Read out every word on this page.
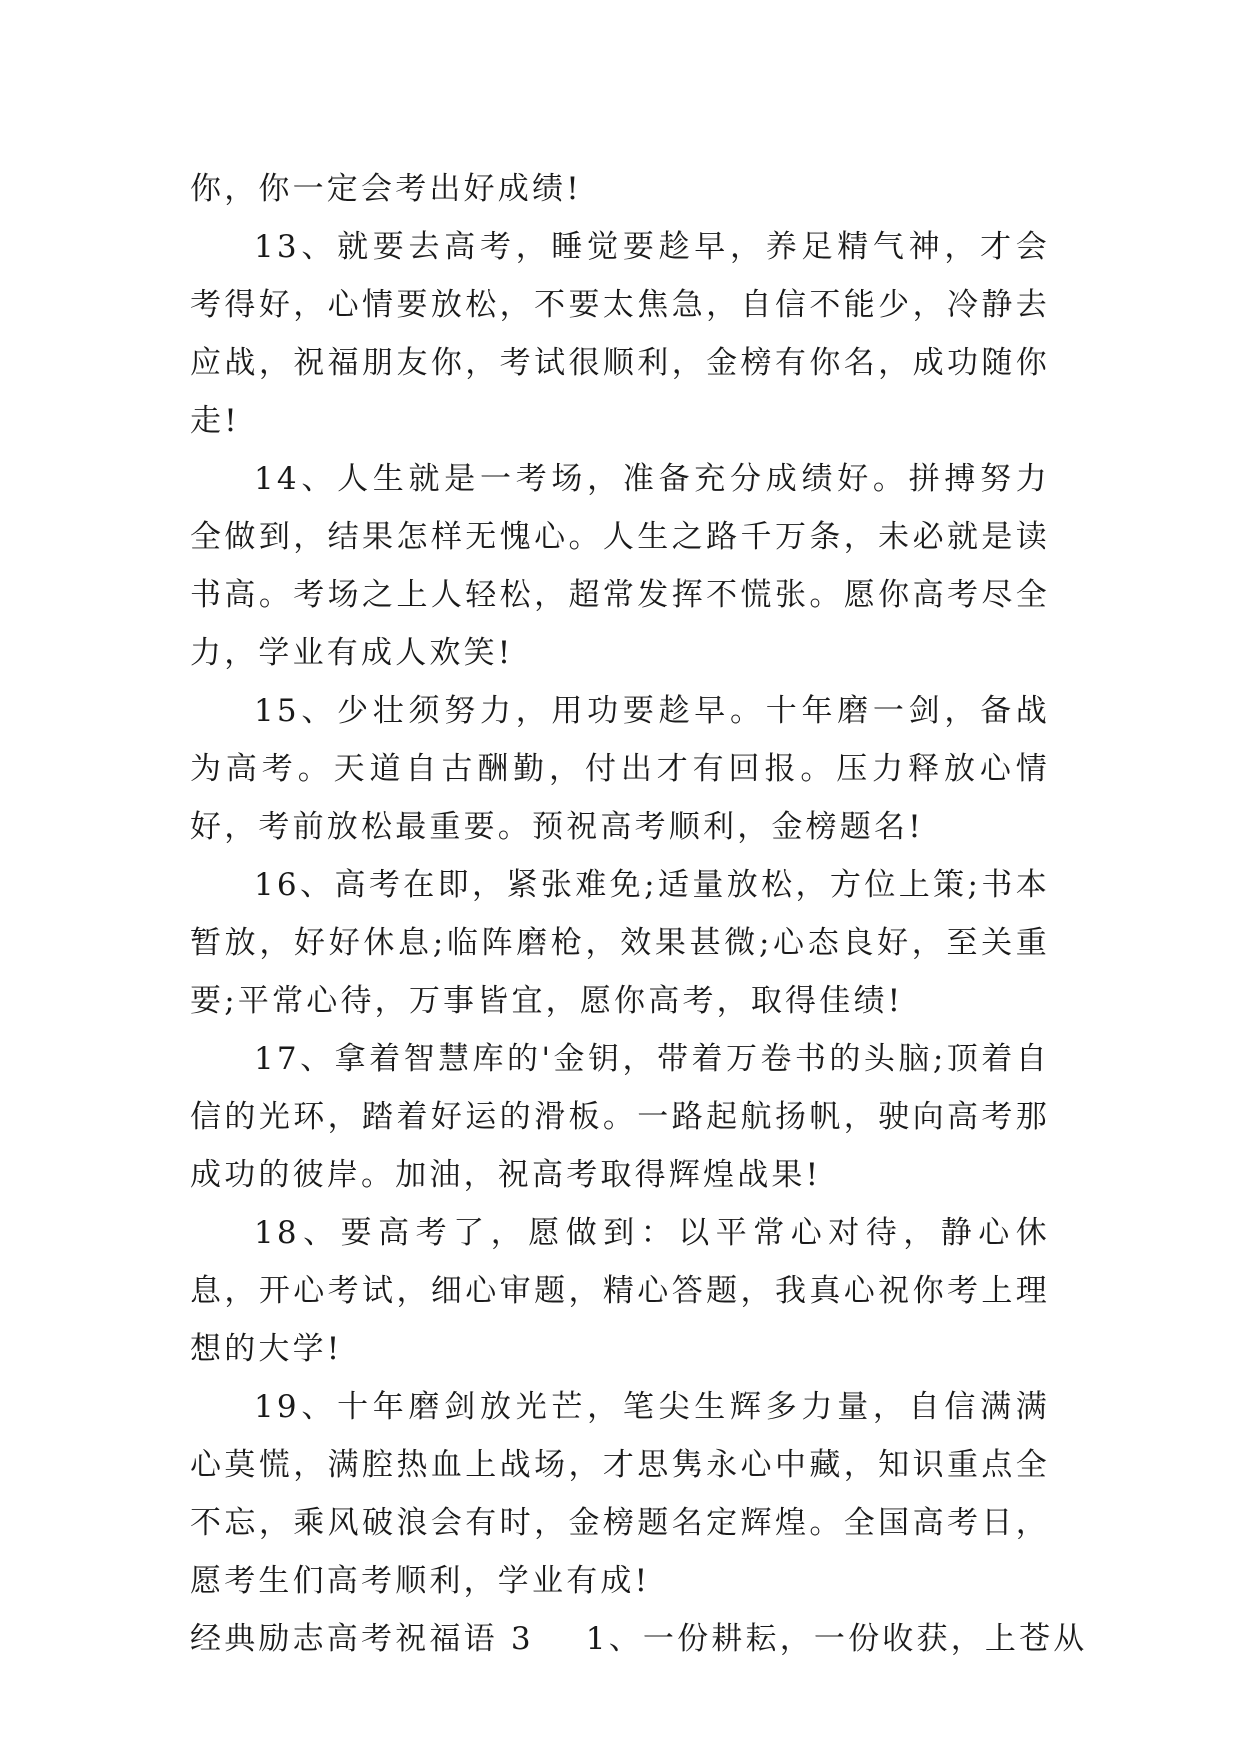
你，你一定会考出好成绩!

13、就要去高考，睡觉要趁早，养足精气神，才会考得好，心情要放松，不要太焦急，自信不能少，冷静去应战，祝福朋友你，考试很顺利，金榜有你名，成功随你走!

14、人生就是一考场，准备充分成绩好。拼搏努力全做到，结果怎样无愧心。人生之路千万条，未必就是读书高。考场之上人轻松，超常发挥不慌张。愿你高考尽全力，学业有成人欢笑!

15、少壮须努力，用功要趁早。十年磨一剑，备战为高考。天道自古酬勤，付出才有回报。压力释放心情好，考前放松最重要。预祝高考顺利，金榜题名!

16、高考在即，紧张难免;适量放松，方位上策;书本暂放，好好休息;临阵磨枪，效果甚微;心态良好，至关重要;平常心待，万事皆宜，愿你高考，取得佳绩!

17、拿着智慧库的'金钥，带着万卷书的头脑;顶着自信的光环，踏着好运的滑板。一路起航扬帆，驶向高考那成功的彼岸。加油，祝高考取得辉煌战果!

18、要高考了，愿做到：以平常心对待，静心休息，开心考试，细心审题，精心答题，我真心祝你考上理想的大学!

19、十年磨剑放光芒，笔尖生辉多力量，自信满满心莫慌，满腔热血上战场，才思隽永心中藏，知识重点全不忘，乘风破浪会有时，金榜题名定辉煌。全国高考日，愿考生们高考顺利，学业有成!

经典励志高考祝福语 3 1、一份耕耘，一份收获，上苍从
